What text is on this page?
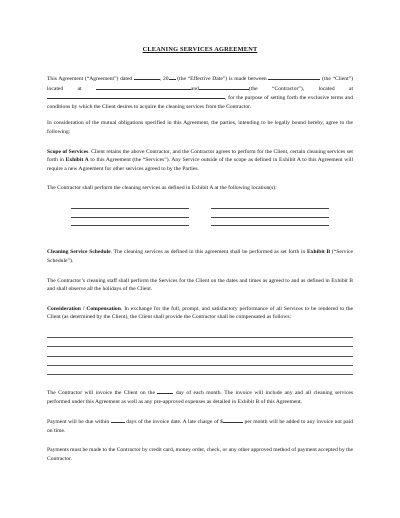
CLEANING SERVICES AGREEMENT

This Agreement (“Agreement”) dated	, 20 (the “Effective Date”) is made between	(the “Client”) located at	and	(the “Contractor”), located at , for the purpose of setting forth the exclusive terms and conditions by which the Client desires to acquire the cleaning services from the Contractor.

In consideration of the mutual obligations specified in this Agreement, the parties, intending to be legally bound hereby, agree to the following:

Scope of Services. Client retains the above Contractor, and the Contractor agrees to perform for the Client, certain cleaning services set forth in Exhibit A to this Agreement (the “Services”). Any Service outside of the scope as defined in Exhibit A to this Agreement will require a new Agreement for other services agreed to by the Parties.

The Contractor shall perform the cleaning services as defined in Exhibit A at the following location(s):

Cleaning Service Schedule. The cleaning services as defined in this agreement shall be performed as set forth in Exhibit B (“Service Schedule”).

The Contractor’s cleaning staff shall perform the Services for the Client on the dates and times as agreed to and as defined in Exhibit B and shall observe all the holidays of the Client.

Consideration / Compensation. In exchange for the full, prompt, and satisfactory performance of all Services to be rendered to the Client (as determined by the Client), the Client shall provide the Contractor shall be compensated as follows:

The Contractor will invoice the Client on the	day of each month. The invoice will include any and all cleaning services performed under this Agreement as well as any pre-approved expenses as detailed in Exhibit B of this Agreement.

Payment will be due within	days of the invoice date. A late charge of $	per month will be added to any invoice not paid on time.

Payments must be made to the Contractor by credit card, money order, check, or any other approved method of payment accepted by the Contractor.
